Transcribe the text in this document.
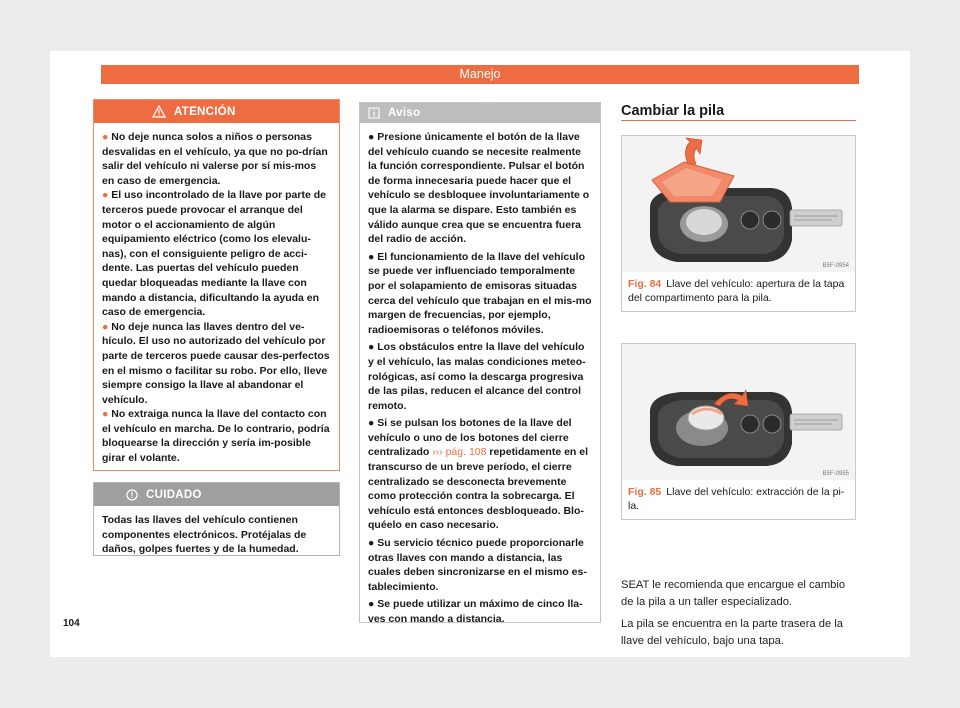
Manejo
ATENCIÓN

● No deje nunca solos a niños o personas desvalidas en el vehículo, ya que no po-drían salir del vehículo ni valerse por sí mis-mos en caso de emergencia.

● El uso incontrolado de la llave por parte de terceros puede provocar el arranque del motor o el accionamiento de algún equipamiento eléctrico (como los elevalu-nas), con el consiguiente peligro de acci-dente. Las puertas del vehículo pueden quedar bloqueadas mediante la llave con mando a distancia, dificultando la ayuda en caso de emergencia.

● No deje nunca las llaves dentro del ve-hículo. El uso no autorizado del vehículo por parte de terceros puede causar des-perfectos en el mismo o facilitar su robo. Por ello, lleve siempre consigo la llave al abandonar el vehículo.

● No extraiga nunca la llave del contacto con el vehículo en marcha. De lo contrario, podría bloquearse la dirección y sería im-posible girar el volante.

CUIDADO
Todas las llaves del vehículo contienen componentes electrónicos. Protéjalas de daños, golpes fuertes y de la humedad.
Aviso

● Presione únicamente el botón de la llave del vehículo cuando se necesite realmente la función correspondiente. Pulsar el botón de forma innecesaria puede hacer que el vehículo se desbloquee involuntariamente o que la alarma se dispare. Esto también es válido aunque crea que se encuentra fuera del radio de acción.

● El funcionamiento de la llave del vehículo se puede ver influenciado temporalmente por el solapamiento de emisoras situadas cerca del vehículo que trabajan en el mis-mo margen de frecuencias, por ejemplo, radioemisoras o teléfonos móviles.

● Los obstáculos entre la llave del vehículo y el vehículo, las malas condiciones meteo-rológicas, así como la descarga progresiva de las pilas, reducen el alcance del control remoto.

● Si se pulsan los botones de la llave del vehículo o uno de los botones del cierre centralizado ››› pág. 108 repetidamente en el transcurso de un breve período, el cierre centralizado se desconecta brevemente como protección contra la sobrecarga. El vehículo está entonces desbloqueado. Blo-quéelo en caso necesario.

● Su servicio técnico puede proporcionarle otras llaves con mando a distancia, las cuales deben sincronizarse en el mismo es-tablecimiento.

● Se puede utilizar un máximo de cinco lla-ves con mando a distancia.

Cambiar la pila
B5F-0954
Fig. 84 Llave del vehículo: apertura de la tapa del compartimento para la pila.
B5F-0955
Fig. 85 Llave del vehículo: extracción de la pi-la.

SEAT le recomienda que encargue el cambio de la pila a un taller especializado.

La pila se encuentra en la parte trasera de la llave del vehículo, bajo una tapa.

104
